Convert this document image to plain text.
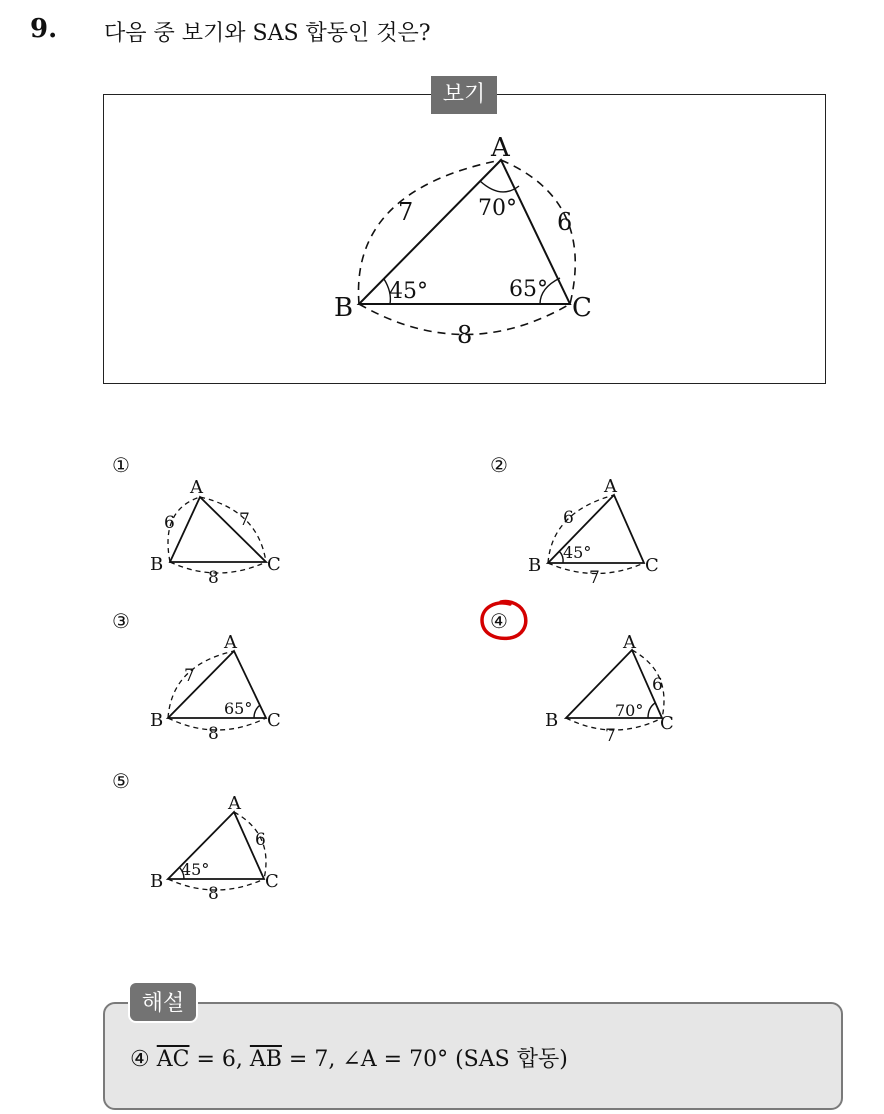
9. 다음 중 보기와 SAS 합동인 것은?
보기
A
B	C
7	6
8
70°
45°	65°
①
A
B	C
6	7
8
②
A
B	C
6
7
45°
③
A
B	C
7
8
65°
④
A
B	C
6
7
70°
⑤
A
B	C
6
8
45°
해설
④ $\overline{AC} = 6$, $\overline{AB} = 7$, ∠A = 70° (SAS 합동)
